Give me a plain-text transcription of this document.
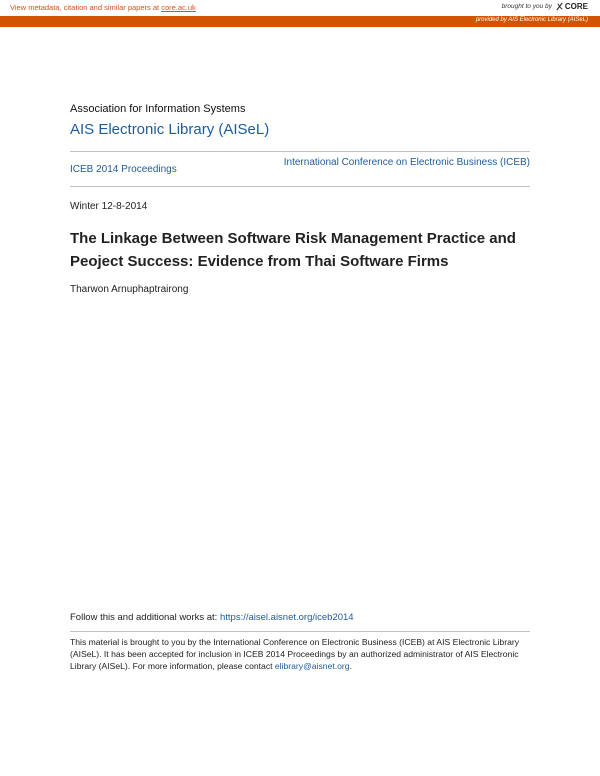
View metadata, citation and similar papers at core.ac.uk	brought to you by CORE
provided by AIS Electronic Library (AISeL)
Association for Information Systems
AIS Electronic Library (AISeL)
ICEB 2014 Proceedings
International Conference on Electronic Business (ICEB)
Winter 12-8-2014
The Linkage Between Software Risk Management Practice and Peoject Success: Evidence from Thai Software Firms
Tharwon Arnuphaptrairong
Follow this and additional works at: https://aisel.aisnet.org/iceb2014
This material is brought to you by the International Conference on Electronic Business (ICEB) at AIS Electronic Library (AISeL). It has been accepted for inclusion in ICEB 2014 Proceedings by an authorized administrator of AIS Electronic Library (AISeL). For more information, please contact elibrary@aisnet.org.
